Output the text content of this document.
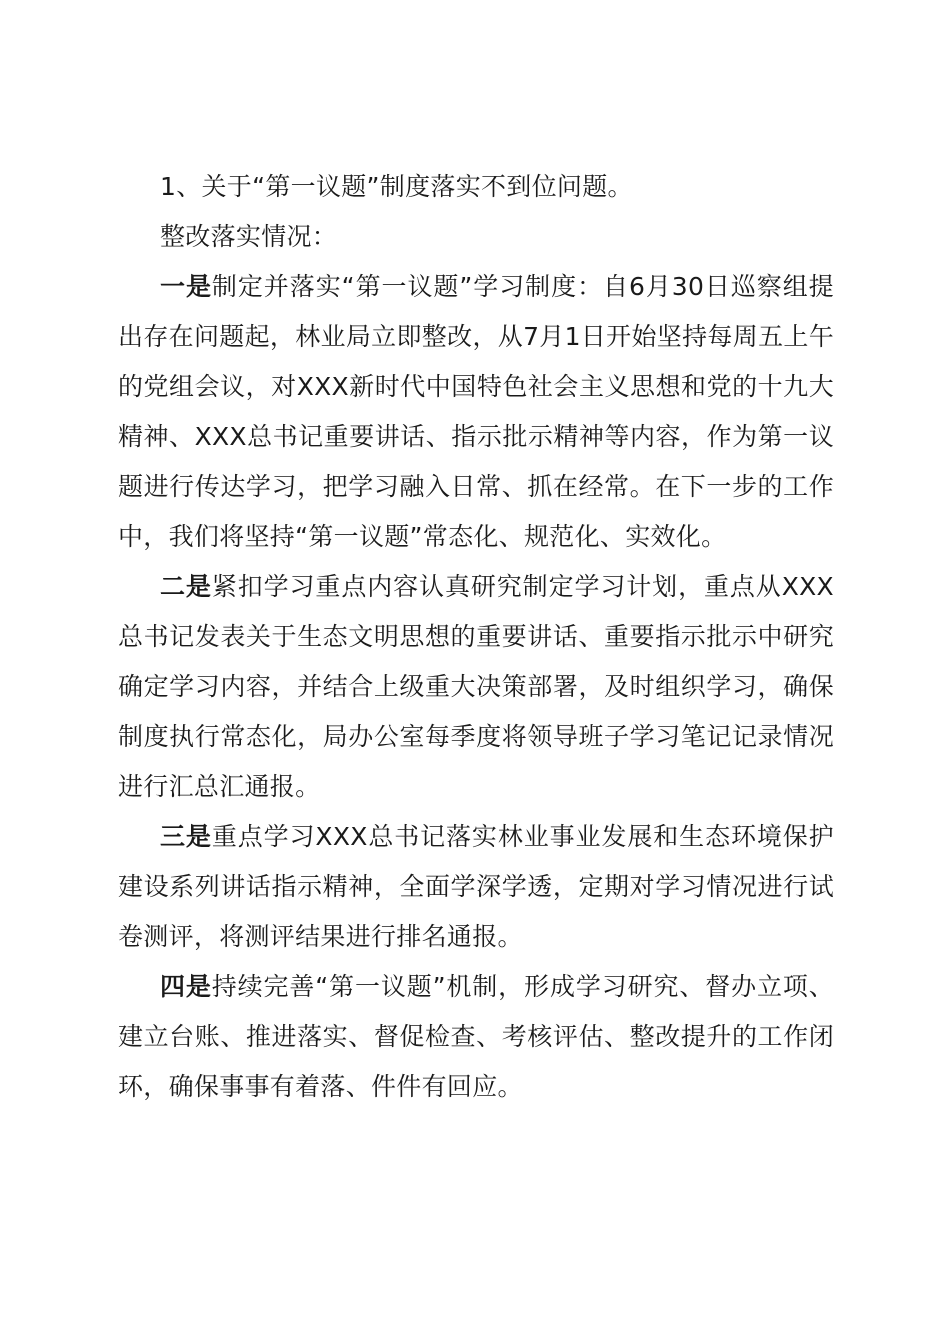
1、关于“第一议题”制度落实不到位问题。

整改落实情况：

一是制定并落实“第一议题”学习制度：自6月30日巡察组提出存在问题起，林业局立即整改，从7月1日开始坚持每周五上午的党组会议，对XXX新时代中国特色社会主义思想和党的十九大精神、XXX总书记重要讲话、指示批示精神等内容，作为第一议题进行传达学习，把学习融入日常、抓在经常。在下一步的工作中，我们将坚持“第一议题”常态化、规范化、实效化。

二是紧扣学习重点内容认真研究制定学习计划，重点从XXX总书记发表关于生态文明思想的重要讲话、重要指示批示中研究确定学习内容，并结合上级重大决策部署，及时组织学习，确保制度执行常态化，局办公室每季度将领导班子学习笔记记录情况进行汇总汇通报。

三是重点学习XXX总书记落实林业事业发展和生态环境保护建设系列讲话指示精神，全面学深学透，定期对学习情况进行试卷测评，将测评结果进行排名通报。

四是持续完善“第一议题”机制，形成学习研究、督办立项、建立台账、推进落实、督促检查、考核评估、整改提升的工作闭环，确保事事有着落、件件有回应。
